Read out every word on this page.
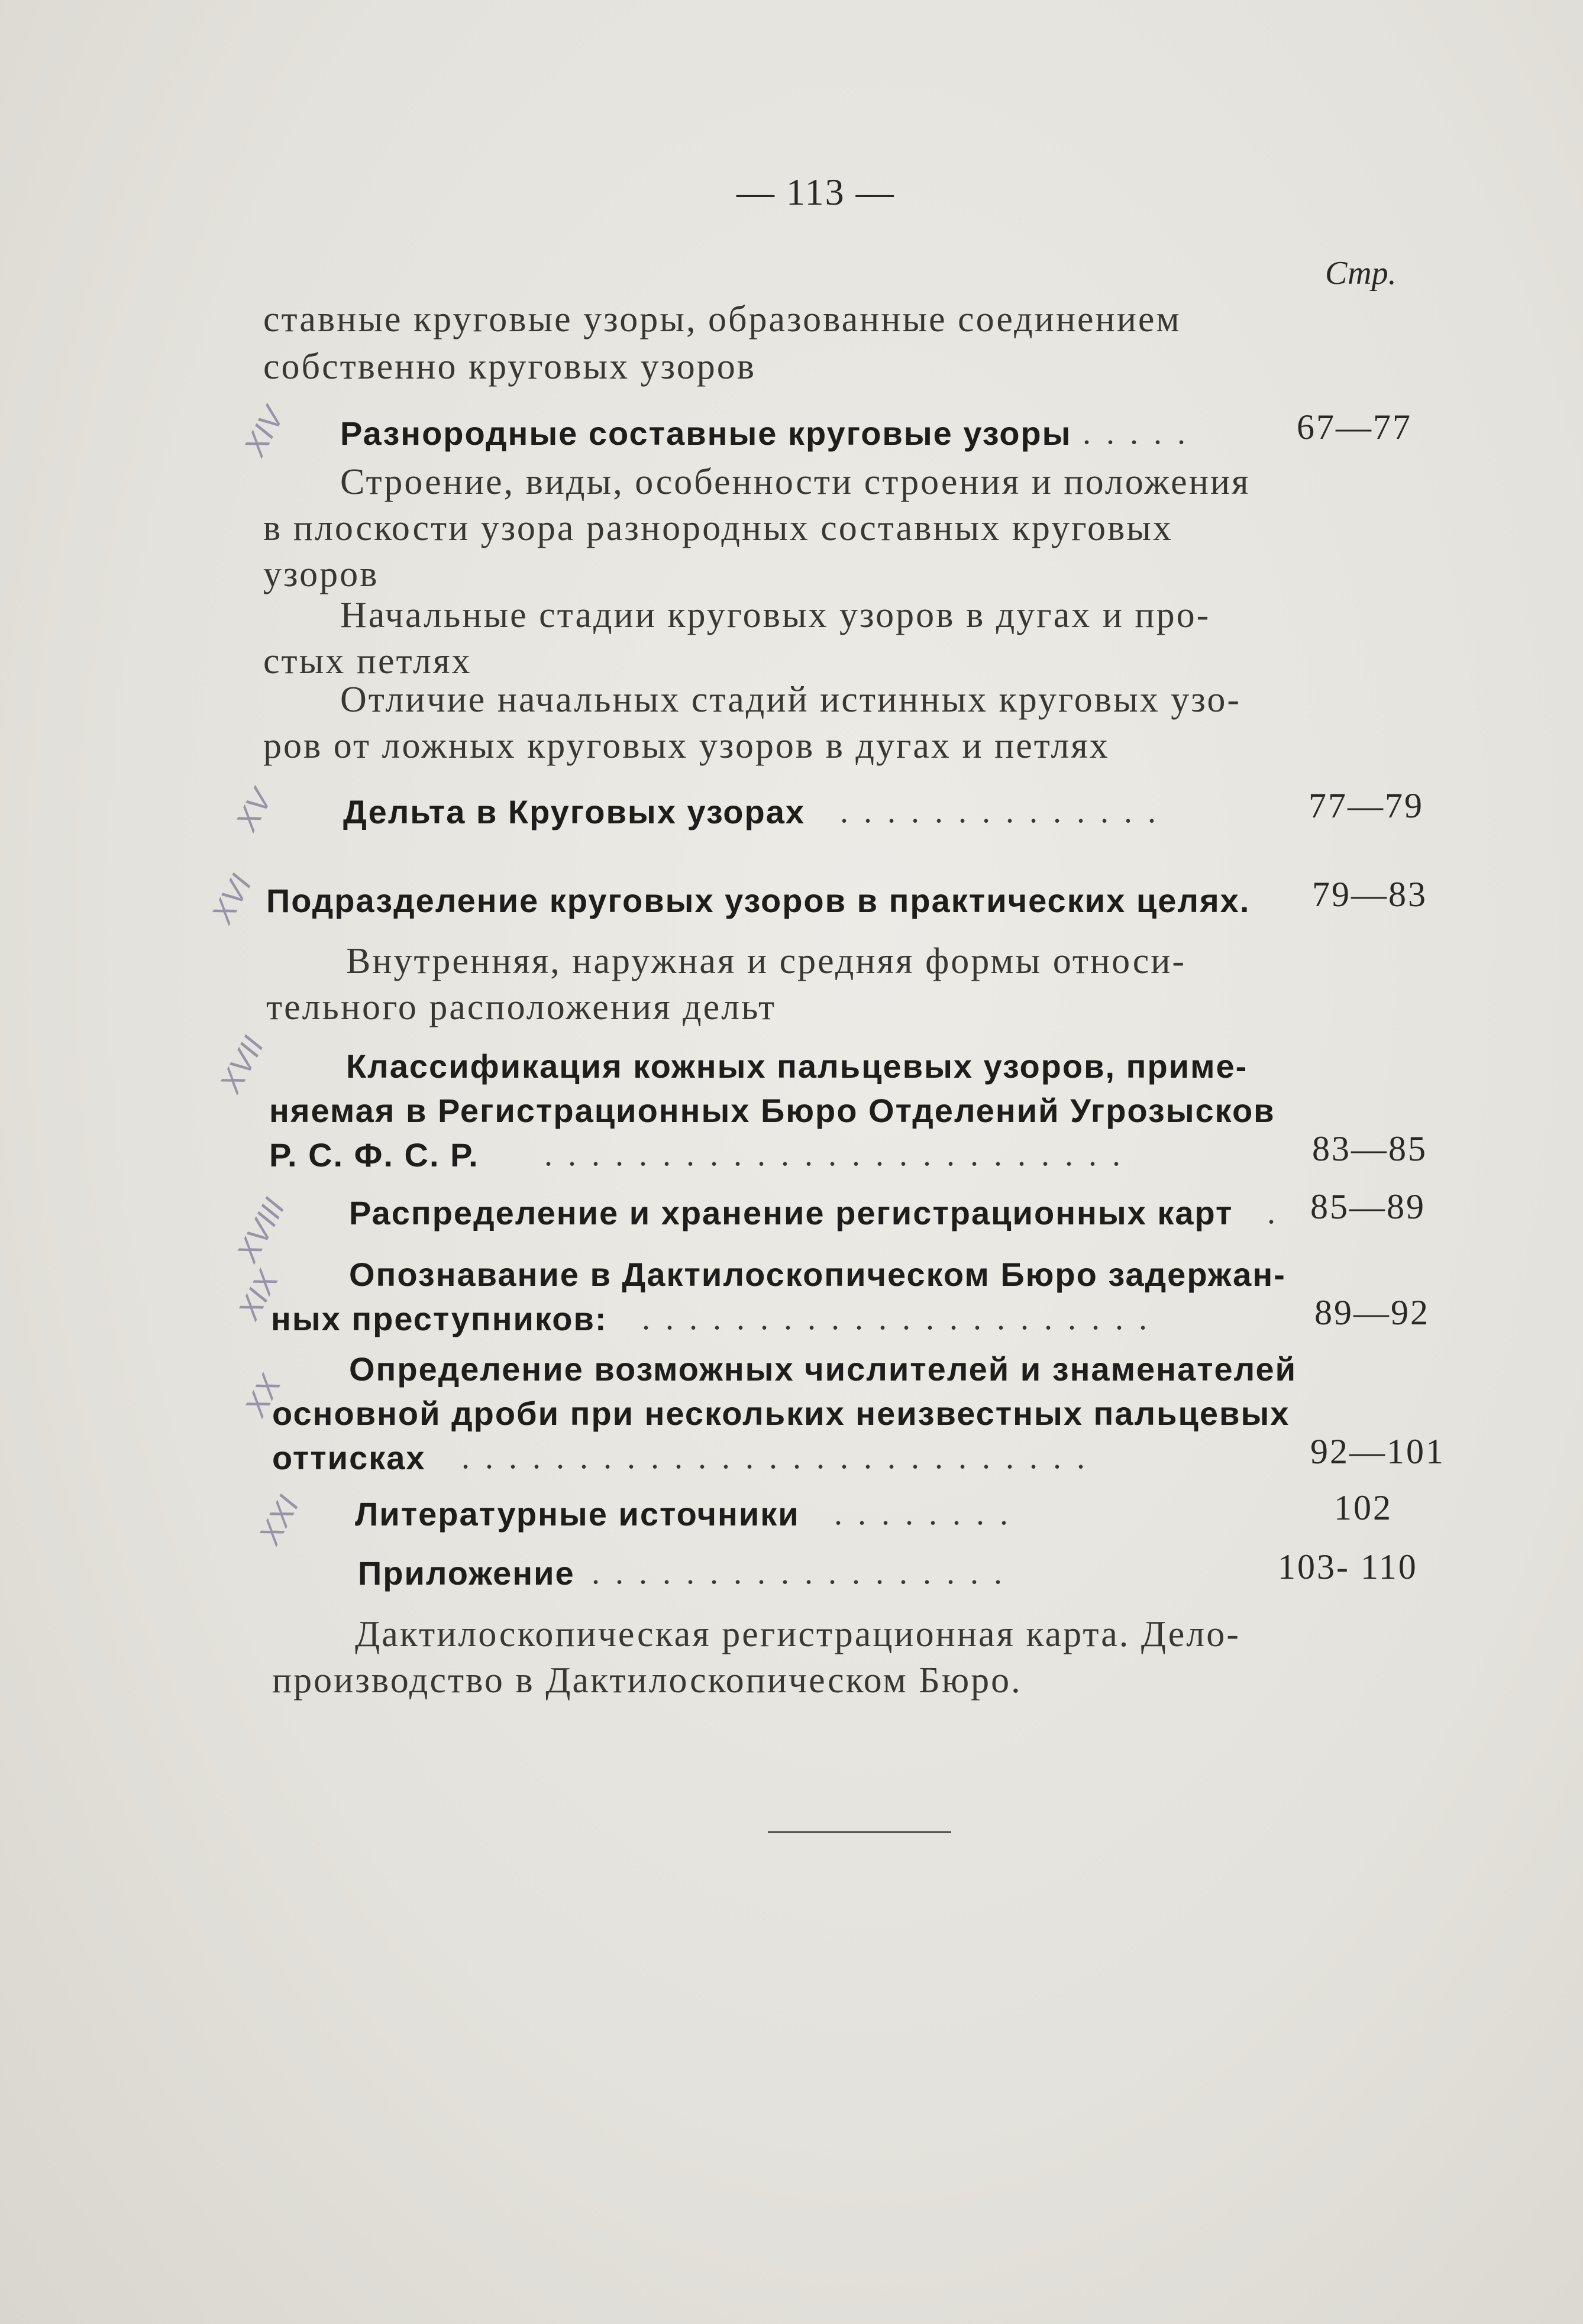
— 113 —
Стр.
ставные круговые узоры, образованные соединением
собственно круговых узоров
Разнородные составные круговые узоры .....	67—77
Строение, виды, особенности строения и положения
в плоскости узора разнородных составных круговых
узоров
Начальные стадии круговых узоров в дугах и про-
стых петлях
Отличие начальных стадий истинных круговых узо-
ров от ложных круговых узоров в дугах и петлях
Дельта в Круговых узорах ..............	77—79
Подразделение круговых узоров в практических целях. 79—83
Внутренняя, наружная и средняя формы относи-
тельного расположения дельт
Классификация кожных пальцевых узоров, приме-
няемая в Регистрационных Бюро Отделений Угрозысков
Р. С. Ф. С. Р. .........................	83—85
Распределение и хранение регистрационных карт . 85—89
Опознавание в Дактилоскопическом Бюро задержан-
ных преступников: ......................	89—92
Определение возможных числителей и знаменателей
основной дроби при нескольких неизвестных пальцевых
оттисках ...........................	92—101
Литературные источники ........	102
Приложение ..................	103- 110
Дактилоскопическая регистрационная карта. Дело-
производство в Дактилоскопическом Бюро.
XIV
XV
XVI
XVII
XVIII
XIX
XX
XXI
